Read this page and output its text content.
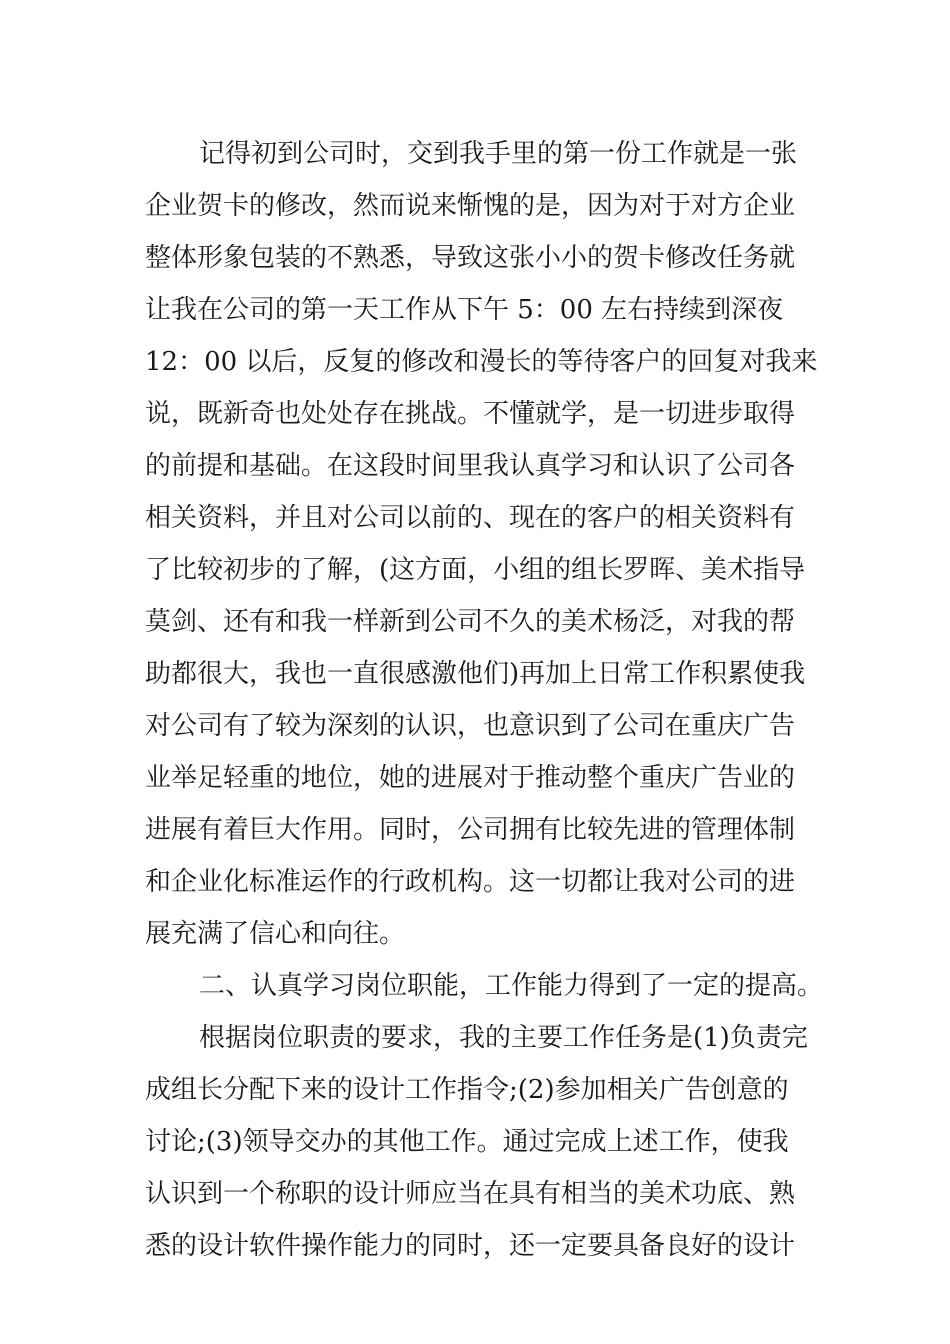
记得初到公司时，交到我手里的第一份工作就是一张
企业贺卡的修改，然而说来惭愧的是，因为对于对方企业
整体形象包装的不熟悉，导致这张小小的贺卡修改任务就
让我在公司的第一天工作从下午 5：00 左右持续到深夜
12：00 以后，反复的修改和漫长的等待客户的回复对我来
说，既新奇也处处存在挑战。不懂就学，是一切进步取得
的前提和基础。在这段时间里我认真学习和认识了公司各
相关资料，并且对公司以前的、现在的客户的相关资料有
了比较初步的了解，(这方面，小组的组长罗晖、美术指导
莫剑、还有和我一样新到公司不久的美术杨泛，对我的帮
助都很大，我也一直很感激他们)再加上日常工作积累使我
对公司有了较为深刻的认识，也意识到了公司在重庆广告
业举足轻重的地位，她的进展对于推动整个重庆广告业的
进展有着巨大作用。同时，公司拥有比较先进的管理体制
和企业化标准运作的行政机构。这一切都让我对公司的进
展充满了信心和向往。
二、认真学习岗位职能，工作能力得到了一定的提高。
根据岗位职责的要求，我的主要工作任务是(1)负责完
成组长分配下来的设计工作指令;(2)参加相关广告创意的
讨论;(3)领导交办的其他工作。通过完成上述工作，使我
认识到一个称职的设计师应当在具有相当的美术功底、熟
悉的设计软件操作能力的同时，还一定要具备良好的设计
